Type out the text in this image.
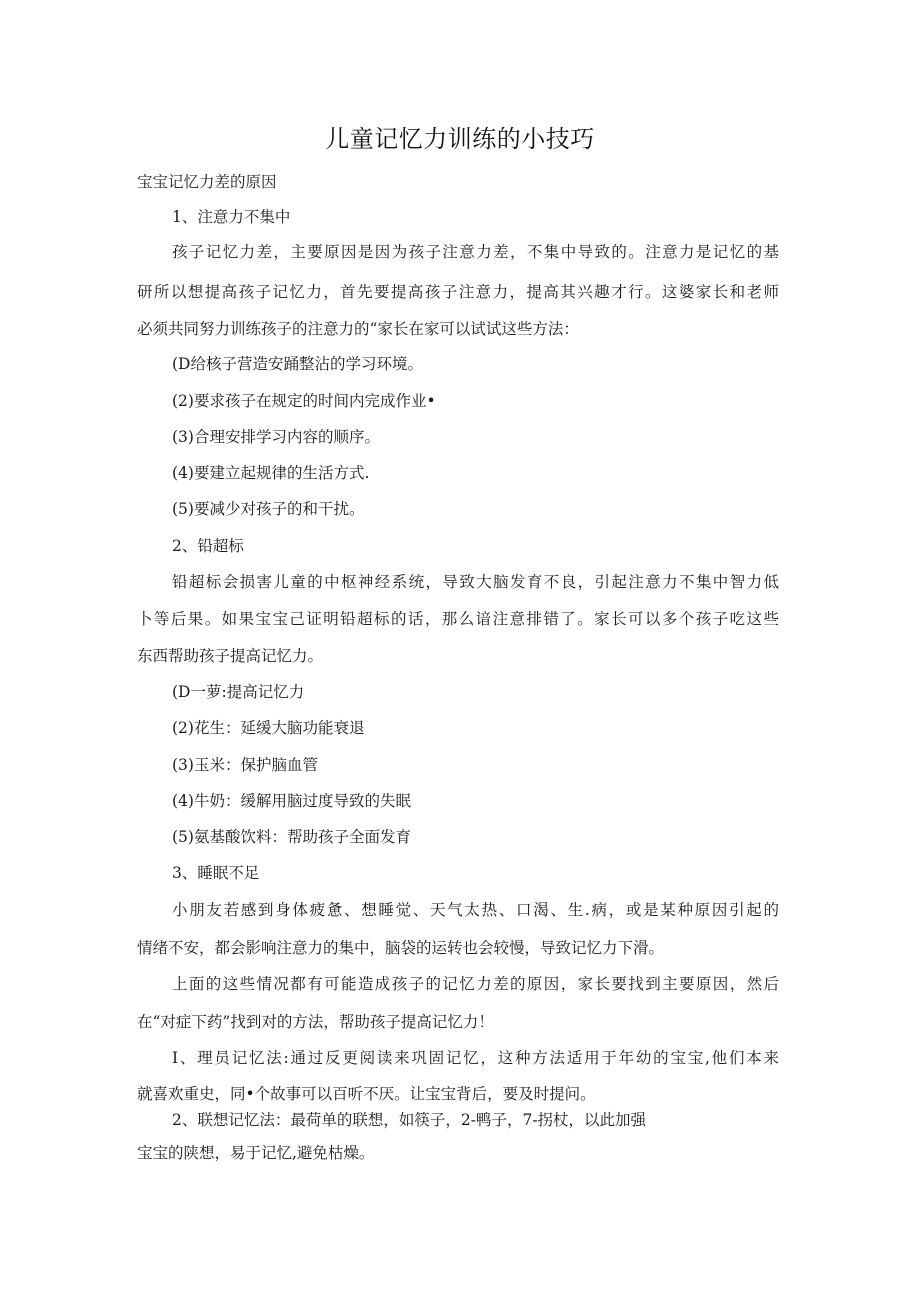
儿童记忆力训练的小技巧
宝宝记忆力差的原因
1、注意力不集中
孩子记忆力差，主要原因是因为孩子注意力差，不集中导致的。注意力是记忆的基
研所以想提高孩子记忆力，首先要提高孩子注意力，提高其兴趣才行。这婆家长和老师
必须共同努力训练孩子的注意力的“家长在家可以试试这些方法：
(D给核子营造安踊整沾的学习环境。
(2)要求孩子在规定的时间内完成作业•
(3)合理安排学习内容的顺序。
(4)要建立起规律的生活方式.
(5)要减少对孩子的和干扰。
2、铅超标
铅超标会损害儿童的中枢神经系统，导致大脑发育不良，引起注意力不集中智力低
卜等后果。如果宝宝己证明铅超标的话，那么谙注意排错了。家长可以多个孩子吃这些
东西帮助孩子提高记忆力。
(D一萝:提高记忆力
(2)花生：延缓大脑功能衰退
(3)玉米：保护脑血管
(4)牛奶：缓解用脑过度导致的失眠
(5)氨基酸饮料：帮助孩子全面发育
3、睡眠不足
小朋友若感到身体疲惫、想睡觉、天气太热、口渴、生.病，或是某种原因引起的
情绪不安，都会影响注意力的集中，脑袋的运转也会较慢，导致记忆力下滑。
上面的这些情况都有可能造成孩子的记忆力差的原因，家长要找到主要原因，然后
在“对症下药”找到对的方法，帮助孩子提高记忆力！
I、理员记忆法:通过反更阅读来巩固记忆，这种方法适用于年幼的宝宝,他们本来
就喜欢重史，同•个故事可以百听不厌。让宝宝背后，要及时提问。
2、联想记忆法：最荷单的联想，如筷子，2-鸭子，7-拐杖，以此加强
宝宝的陕想，易于记忆,避免枯燥。
